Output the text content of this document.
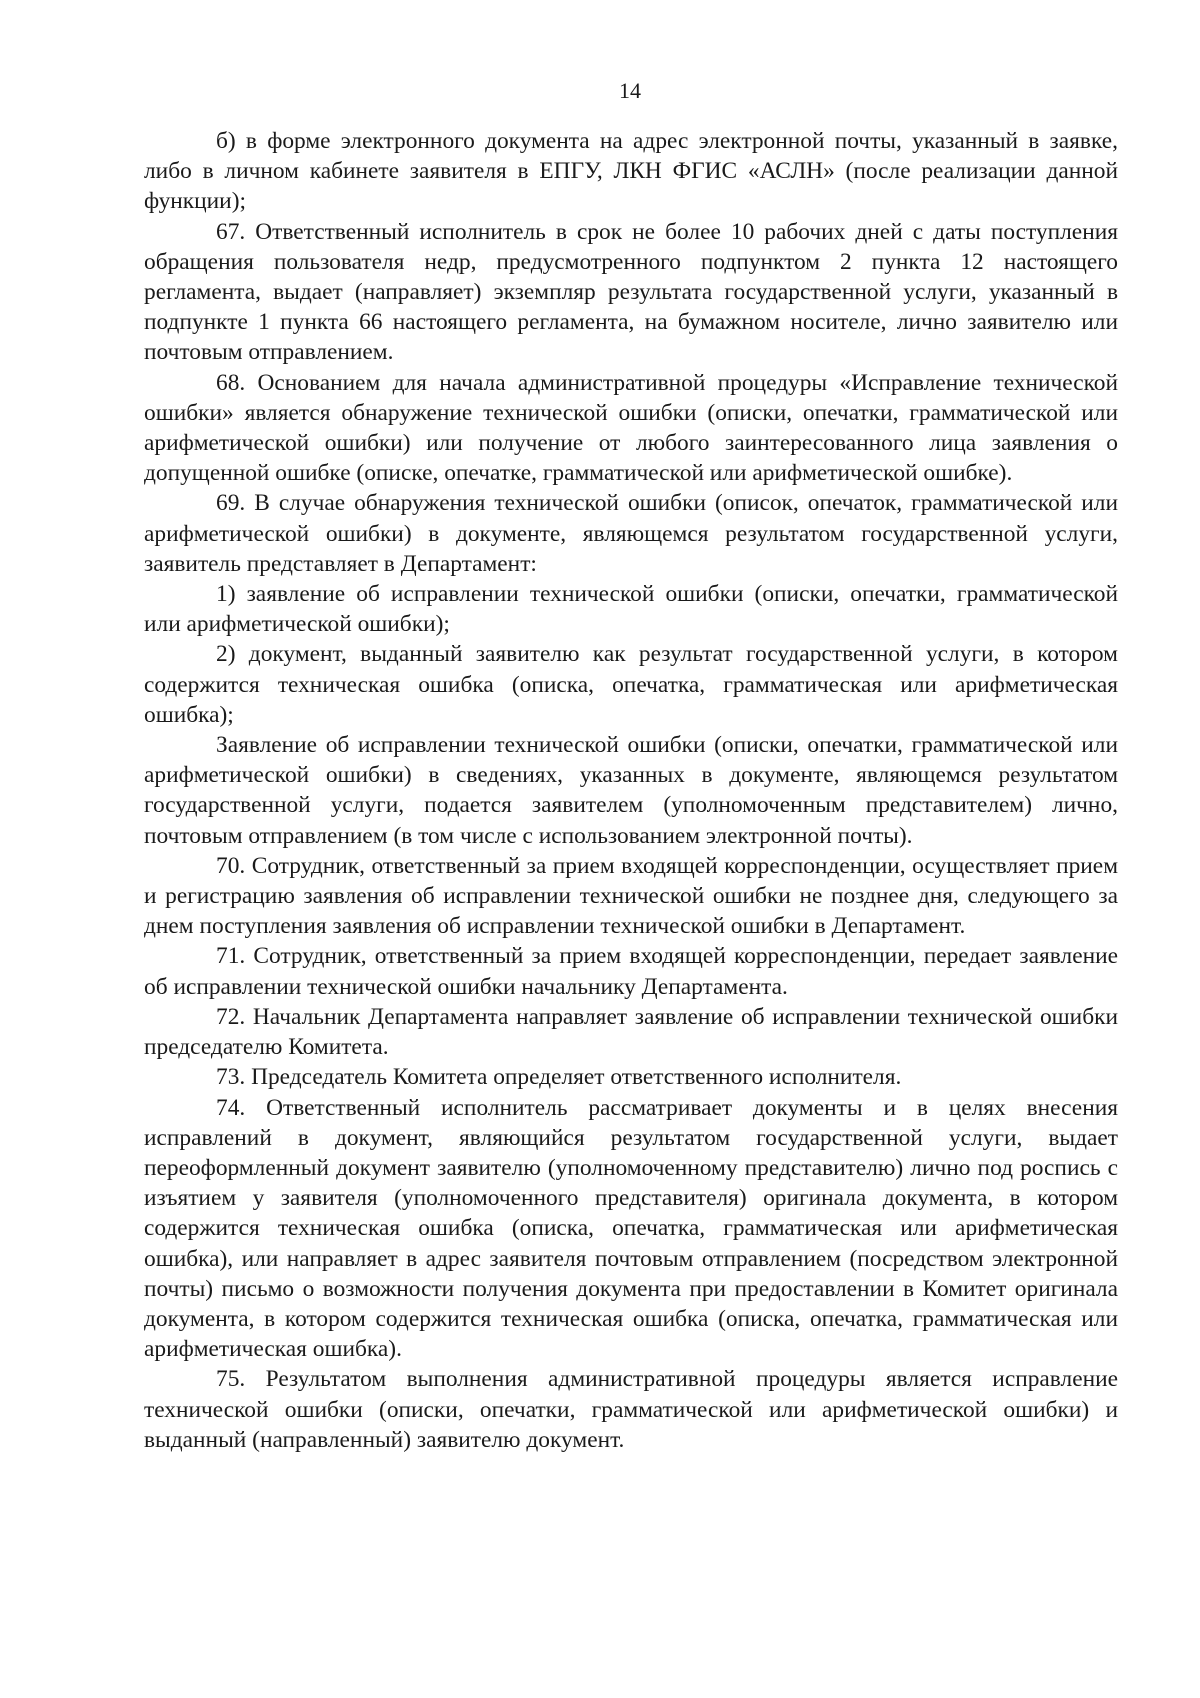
14

б) в форме электронного документа на адрес электронной почты, указанный в заявке, либо в личном кабинете заявителя в ЕПГУ, ЛКН ФГИС «АСЛН» (после реализации данной функции);

67. Ответственный исполнитель в срок не более 10 рабочих дней с даты поступления обращения пользователя недр, предусмотренного подпунктом 2 пункта 12 настоящего регламента, выдает (направляет) экземпляр результата государственной услуги, указанный в подпункте 1 пункта 66 настоящего регламента, на бумажном носителе, лично заявителю или почтовым отправлением.

68. Основанием для начала административной процедуры «Исправление технической ошибки» является обнаружение технической ошибки (описки, опечатки, грамматической или арифметической ошибки) или получение от любого заинтересованного лица заявления о допущенной ошибке (описке, опечатке, грамматической или арифметической ошибке).

69. В случае обнаружения технической ошибки (описок, опечаток, грамматической или арифметической ошибки) в документе, являющемся результатом государственной услуги, заявитель представляет в Департамент:

1) заявление об исправлении технической ошибки (описки, опечатки, грамматической или арифметической ошибки);

2) документ, выданный заявителю как результат государственной услуги, в котором содержится техническая ошибка (описка, опечатка, грамматическая или арифметическая ошибка);

Заявление об исправлении технической ошибки (описки, опечатки, грамматической или арифметической ошибки) в сведениях, указанных в документе, являющемся результатом государственной услуги, подается заявителем (уполномоченным представителем) лично, почтовым отправлением (в том числе с использованием электронной почты).

70. Сотрудник, ответственный за прием входящей корреспонденции, осуществляет прием и регистрацию заявления об исправлении технической ошибки не позднее дня, следующего за днем поступления заявления об исправлении технической ошибки в Департамент.

71. Сотрудник, ответственный за прием входящей корреспонденции, передает заявление об исправлении технической ошибки начальнику Департамента.

72. Начальник Департамента направляет заявление об исправлении технической ошибки председателю Комитета.

73. Председатель Комитета определяет ответственного исполнителя.

74. Ответственный исполнитель рассматривает документы и в целях внесения исправлений в документ, являющийся результатом государственной услуги, выдает переоформленный документ заявителю (уполномоченному представителю) лично под роспись с изъятием у заявителя (уполномоченного представителя) оригинала документа, в котором содержится техническая ошибка (описка, опечатка, грамматическая или арифметическая ошибка), или направляет в адрес заявителя почтовым отправлением (посредством электронной почты) письмо о возможности получения документа при предоставлении в Комитет оригинала документа, в котором содержится техническая ошибка (описка, опечатка, грамматическая или арифметическая ошибка).

75. Результатом выполнения административной процедуры является исправление технической ошибки (описки, опечатки, грамматической или арифметической ошибки) и выданный (направленный) заявителю документ.
